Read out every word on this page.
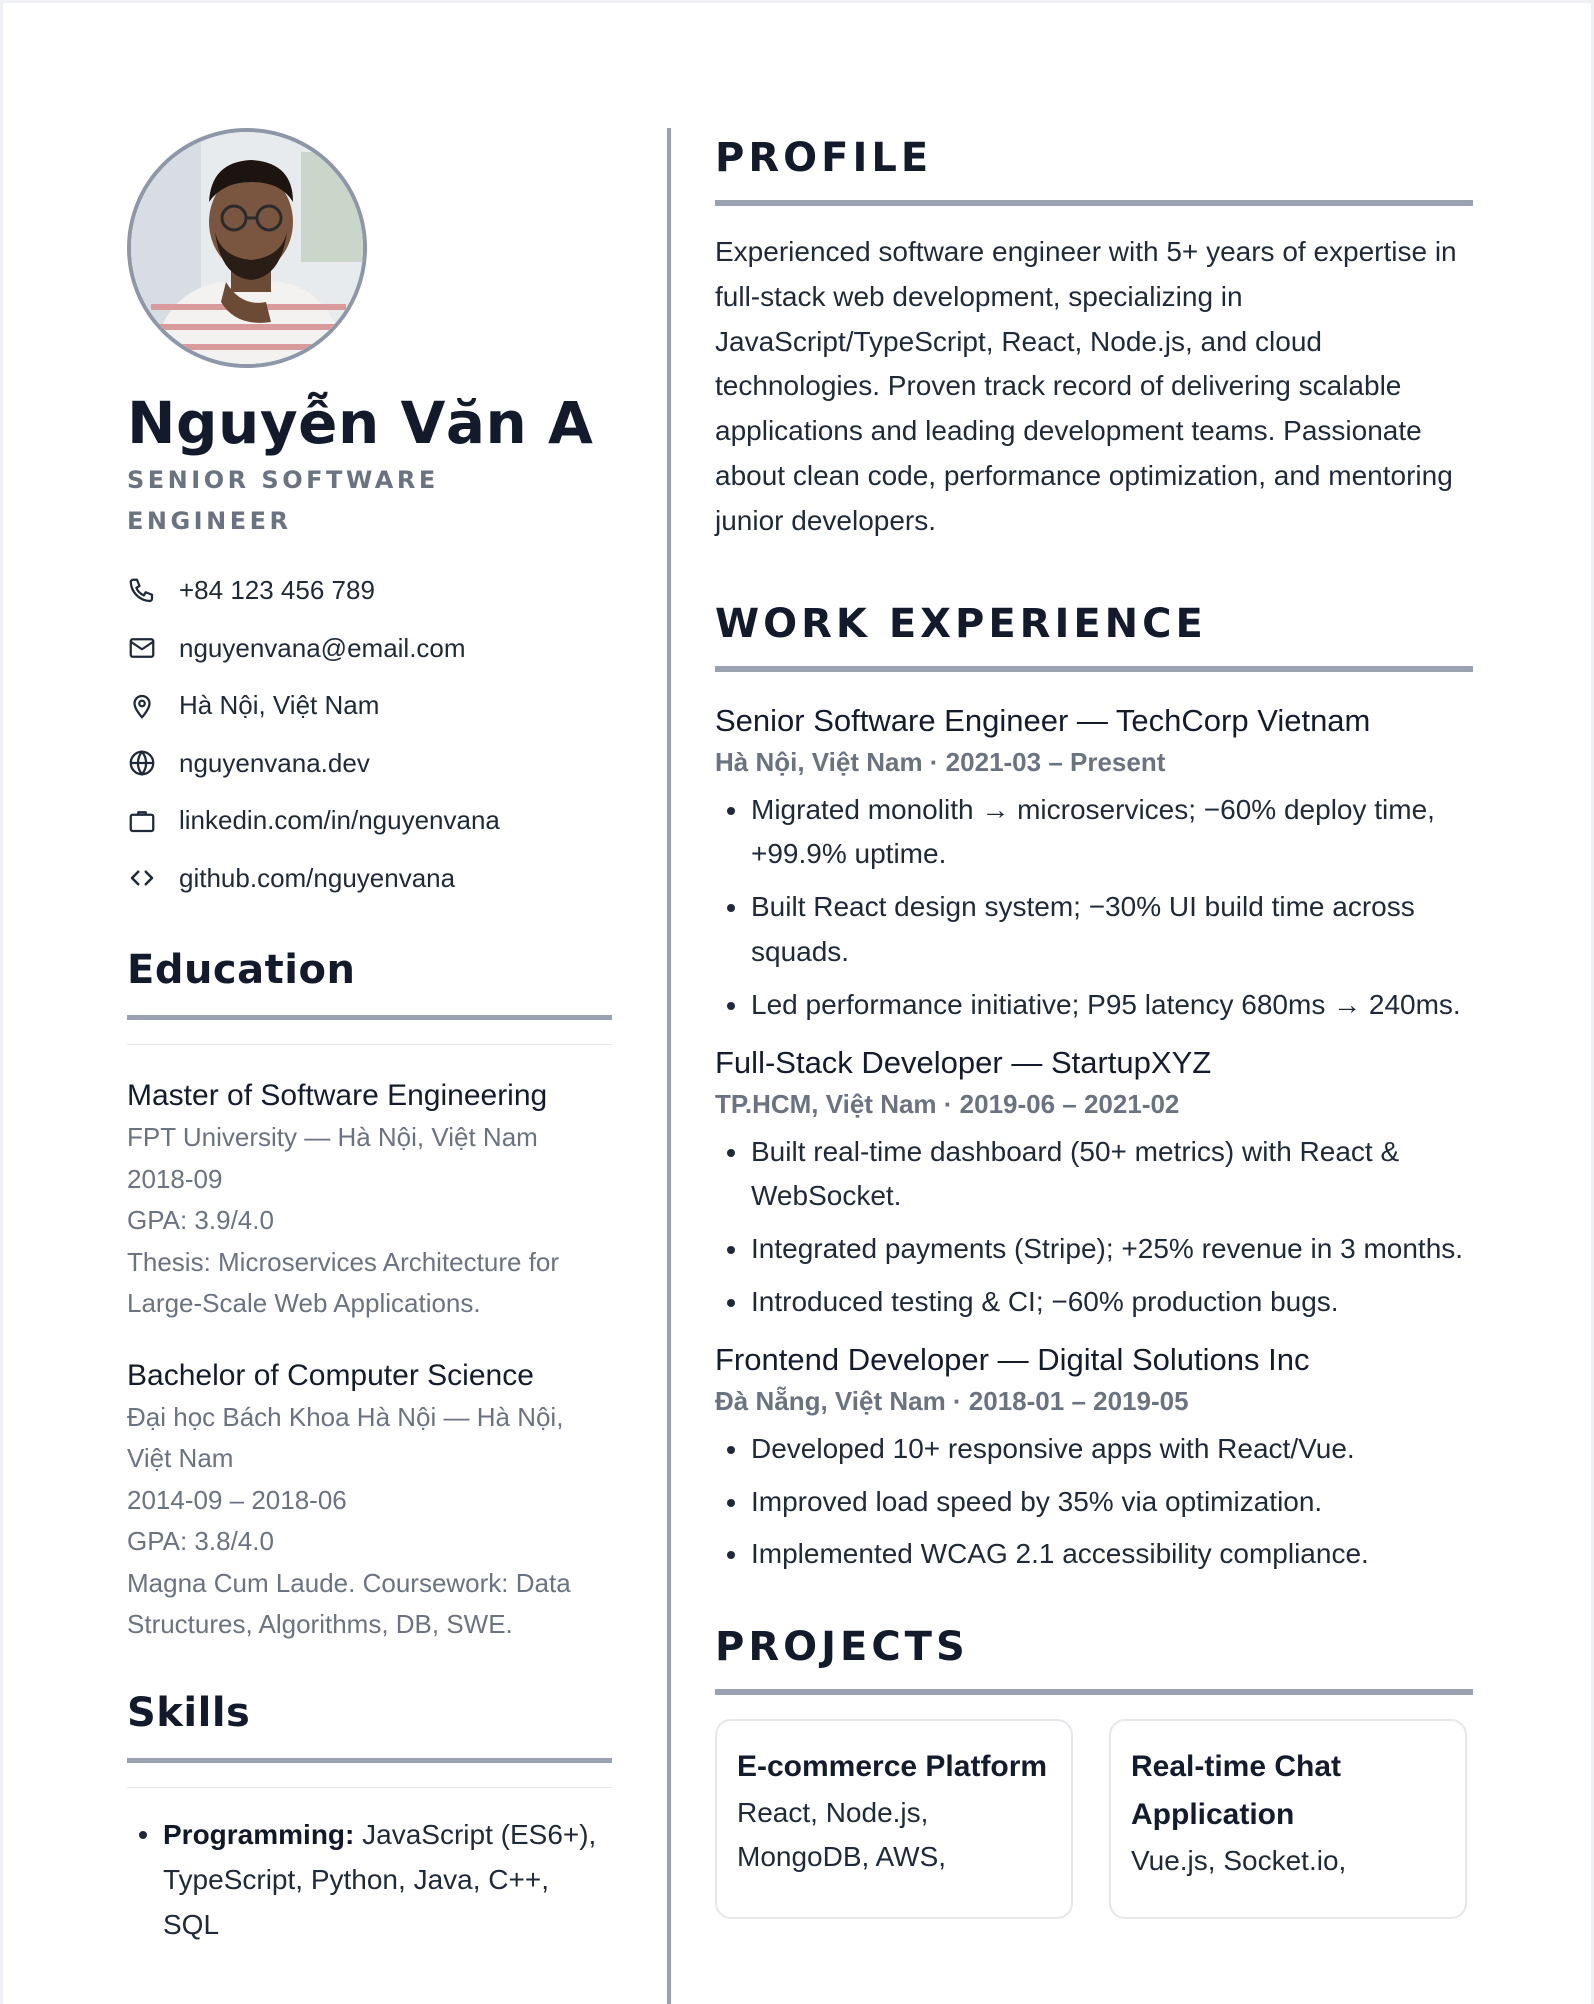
Nguyễn Văn A
SENIOR SOFTWARE ENGINEER
+84 123 456 789
nguyenvana@email.com
Hà Nội, Việt Nam
nguyenvana.dev
linkedin.com/in/nguyenvana
github.com/nguyenvana
Education
Master of Software Engineering
FPT University — Hà Nội, Việt Nam
2018-09
GPA: 3.9/4.0
Thesis: Microservices Architecture for Large-Scale Web Applications.
Bachelor of Computer Science
Đại học Bách Khoa Hà Nội — Hà Nội, Việt Nam
2014-09 – 2018-06
GPA: 3.8/4.0
Magna Cum Laude. Coursework: Data Structures, Algorithms, DB, SWE.
Skills
Programming: JavaScript (ES6+), TypeScript, Python, Java, C++, SQL
PROFILE
Experienced software engineer with 5+ years of expertise in full-stack web development, specializing in JavaScript/TypeScript, React, Node.js, and cloud technologies. Proven track record of delivering scalable applications and leading development teams. Passionate about clean code, performance optimization, and mentoring junior developers.
WORK EXPERIENCE
Senior Software Engineer — TechCorp Vietnam
Hà Nội, Việt Nam · 2021-03 – Present
Migrated monolith → microservices; −60% deploy time, +99.9% uptime.
Built React design system; −30% UI build time across squads.
Led performance initiative; P95 latency 680ms → 240ms.
Full-Stack Developer — StartupXYZ
TP.HCM, Việt Nam · 2019-06 – 2021-02
Built real-time dashboard (50+ metrics) with React & WebSocket.
Integrated payments (Stripe); +25% revenue in 3 months.
Introduced testing & CI; −60% production bugs.
Frontend Developer — Digital Solutions Inc
Đà Nẵng, Việt Nam · 2018-01 – 2019-05
Developed 10+ responsive apps with React/Vue.
Improved load speed by 35% via optimization.
Implemented WCAG 2.1 accessibility compliance.
PROJECTS
E-commerce Platform
React, Node.js, MongoDB, AWS,
Real-time Chat Application
Vue.js, Socket.io,
